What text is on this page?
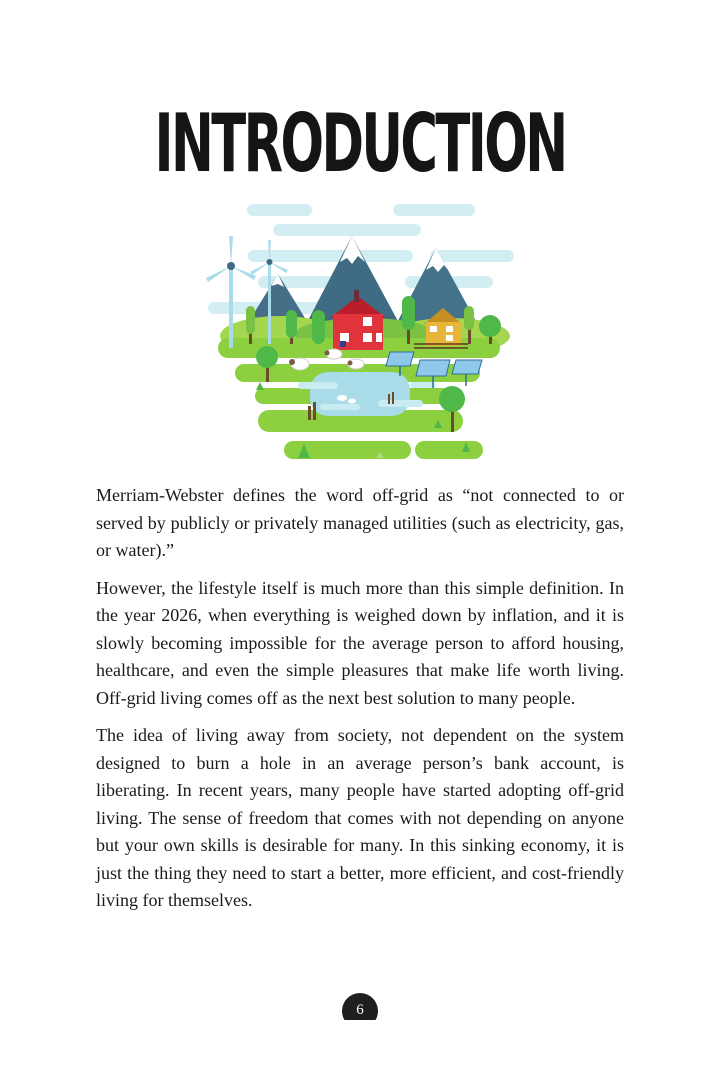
INTRODUCTION

Merriam-Webster defines the word off-grid as “not connected to or served by publicly or privately managed utilities (such as electricity, gas, or water).”

However, the lifestyle itself is much more than this simple definition. In the year 2026, when everything is weighed down by inflation, and it is slowly becoming impossible for the average person to afford housing, healthcare, and even the simple pleasures that make life worth living. Off-grid living comes off as the next best solution to many people.

The idea of living away from society, not dependent on the system designed to burn a hole in an average person’s bank account, is liberating. In recent years, many people have started adopting off-grid living. The sense of freedom that comes with not depending on anyone but your own skills is desirable for many. In this sinking economy, it is just the thing they need to start a better, more efficient, and cost-friendly living for themselves.

6
